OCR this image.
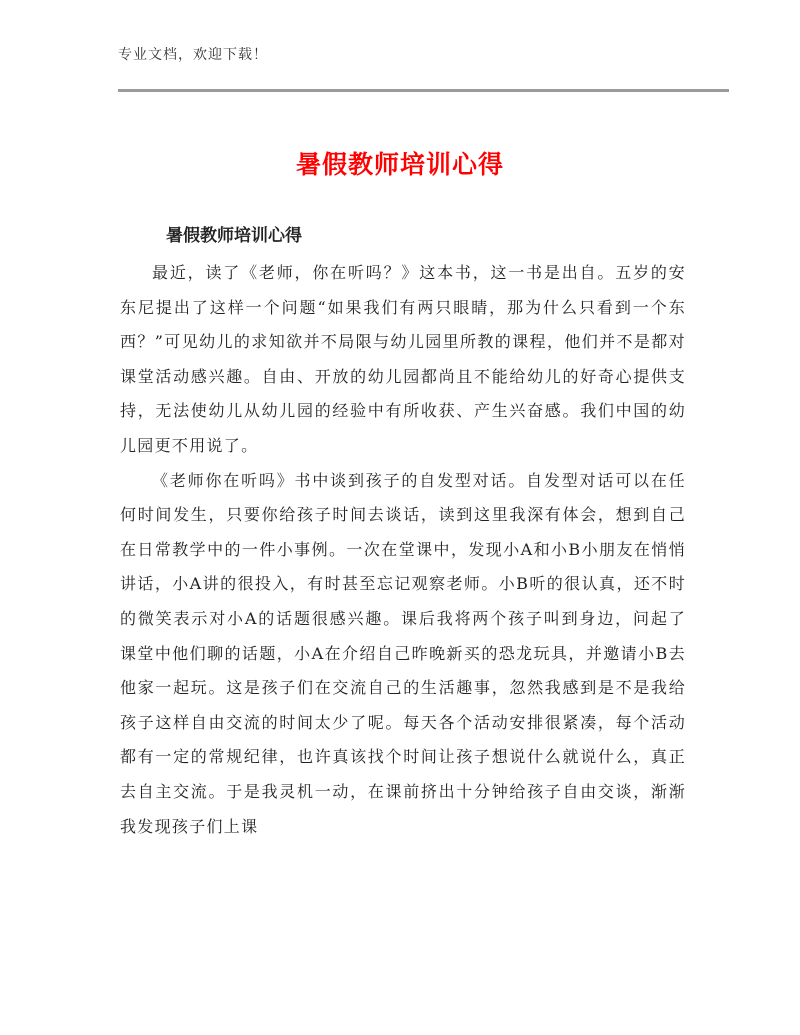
专业文档，欢迎下载！
暑假教师培训心得
暑假教师培训心得

最近，读了《老师，你在听吗？》这本书，这一书是出自。五岁的安东尼提出了这样一个问题“如果我们有两只眼睛，那为什么只看到一个东西？”可见幼儿的求知欲并不局限与幼儿园里所教的课程，他们并不是都对课堂活动感兴趣。自由、开放的幼儿园都尚且不能给幼儿的好奇心提供支持，无法使幼儿从幼儿园的经验中有所收获、产生兴奋感。我们中国的幼儿园更不用说了。

《老师你在听吗》书中谈到孩子的自发型对话。自发型对话可以在任何时间发生，只要你给孩子时间去谈话，读到这里我深有体会，想到自己在日常教学中的一件小事例。一次在堂课中，发现小A和小B小朋友在悄悄讲话，小A讲的很投入，有时甚至忘记观察老师。小B听的很认真，还不时的微笑表示对小A的话题很感兴趣。课后我将两个孩子叫到身边，问起了课堂中他们聊的话题，小A在介绍自己昨晚新买的恐龙玩具，并邀请小B去他家一起玩。这是孩子们在交流自己的生活趣事，忽然我感到是不是我给孩子这样自由交流的时间太少了呢。每天各个活动安排很紧凑，每个活动都有一定的常规纪律，也许真该找个时间让孩子想说什么就说什么，真正去自主交流。于是我灵机一动，在课前挤出十分钟给孩子自由交谈，渐渐我发现孩子们上课
